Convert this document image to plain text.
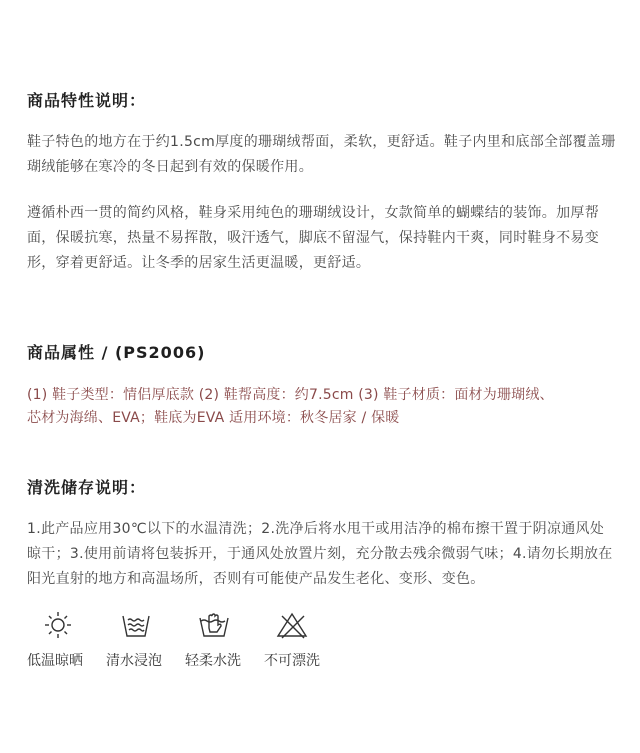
商品特性说明：

鞋子特色的地方在于约1.5cm厚度的珊瑚绒帮面，柔软，更舒适。鞋子内里和底部全部覆盖珊瑚绒能够在寒冷的冬日起到有效的保暖作用。

遵循朴西一贯的简约风格，鞋身采用纯色的珊瑚绒设计，女款简单的蝴蝶结的装饰。加厚帮面，保暖抗寒，热量不易挥散，吸汗透气，脚底不留湿气，保持鞋内干爽，同时鞋身不易变形，穿着更舒适。让冬季的居家生活更温暖，更舒适。

商品属性 / (PS2006)

(1) 鞋子类型：情侣厚底款 (2) 鞋帮高度：约7.5cm (3) 鞋子材质：面材为珊瑚绒、

芯材为海绵、EVA；鞋底为EVA 适用环境：秋冬居家 / 保暖

清洗储存说明：

1.此产品应用30℃以下的水温清洗；2.洗净后将水甩干或用洁净的棉布擦干置于阴凉通风处晾干；3.使用前请将包装拆开，于通风处放置片刻，充分散去残余微弱气味；4.请勿长期放在阳光直射的地方和高温场所，否则有可能使产品发生老化、变形、变色。

低温晾晒	清水浸泡	轻柔水洗	不可漂洗
